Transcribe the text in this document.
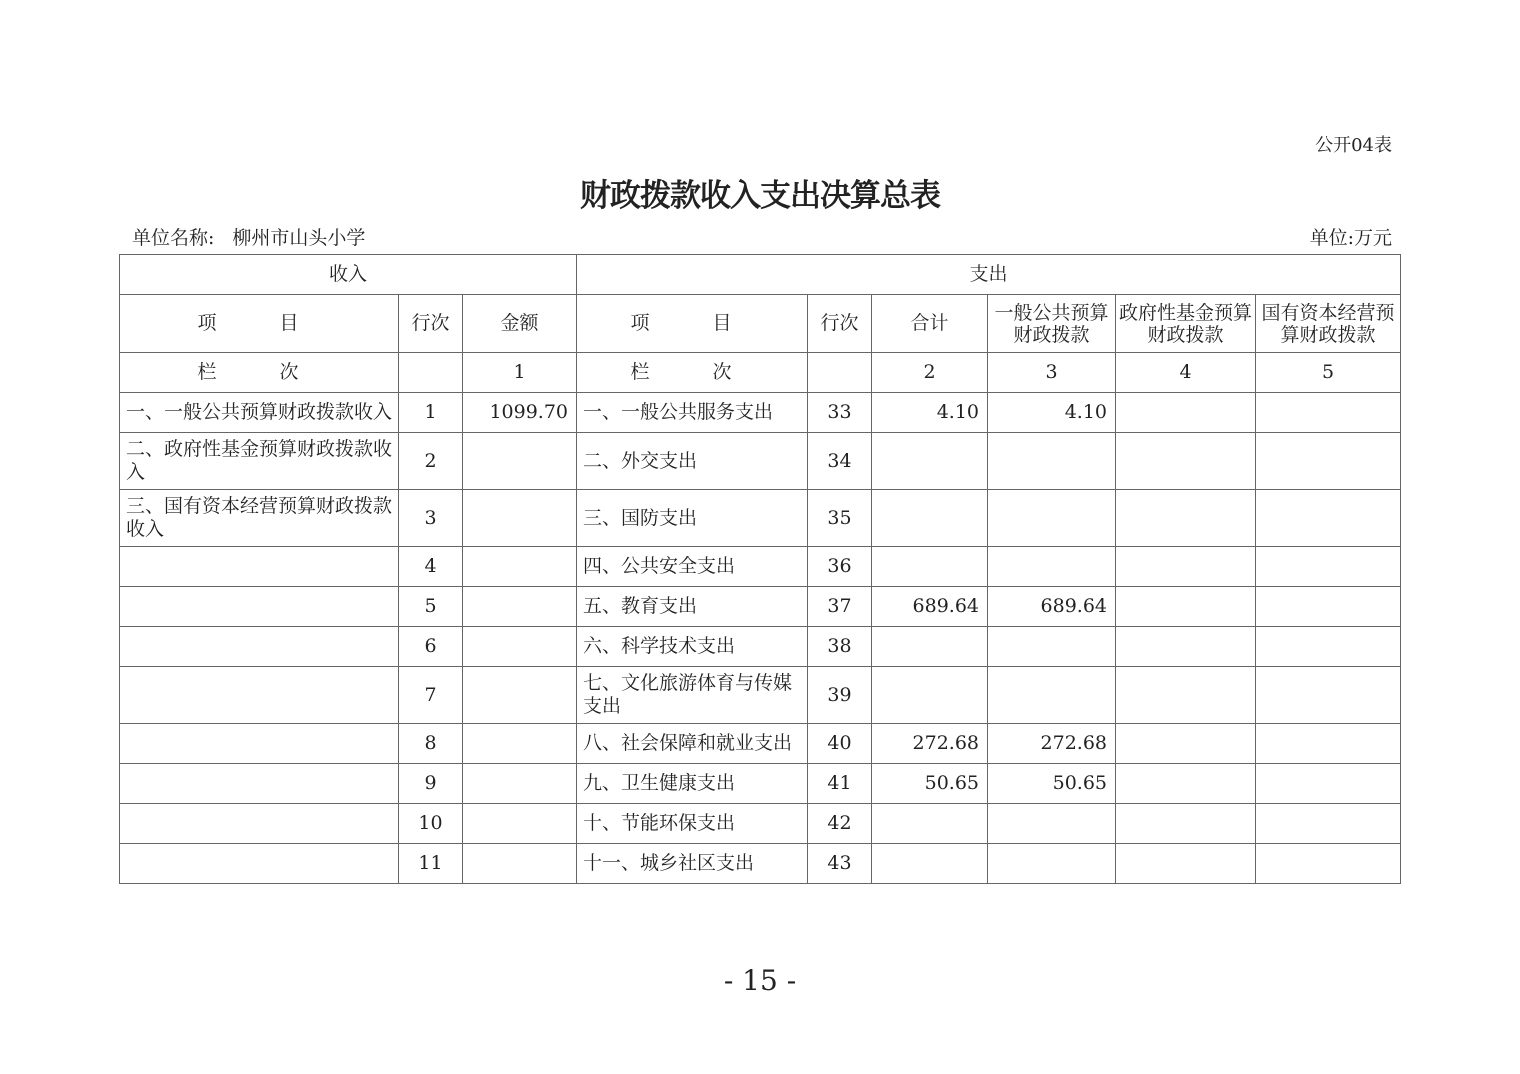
公开04表
财政拨款收入支出决算总表
单位名称: 柳州市山头小学	单位:万元
收入			支出					
项　目	行次	金额	项　目	行次	合计	一般公共预算财政拨款	政府性基金预算财政拨款	国有资本经营预算财政拨款
栏　次		1	栏　次		2	3	4	5
一、一般公共预算财政拨款收入	1	1099.70	一、一般公共服务支出	33	4.10	4.10		
二、政府性基金预算财政拨款收入	2		二、外交支出	34				
三、国有资本经营预算财政拨款收入	3		三、国防支出	35				
	4		四、公共安全支出	36				
	5		五、教育支出	37	689.64	689.64		
	6		六、科学技术支出	38				
	7		七、文化旅游体育与传媒支出	39				
	8		八、社会保障和就业支出	40	272.68	272.68		
	9		九、卫生健康支出	41	50.65	50.65		
	10		十、节能环保支出	42				
	11		十一、城乡社区支出	43				
- 15 -
